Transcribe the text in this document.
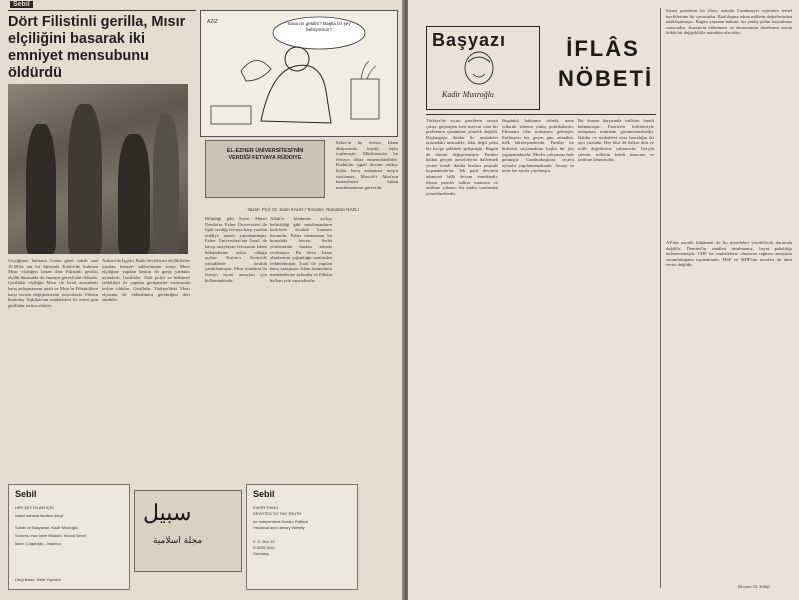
Sebil
Dört Filistinli gerilla, Mısır elçiliğini basarak iki emniyet mensubunu öldürdü
Sana mı geldim? Başka bir şey bekliyorsun?
AZIZ
EL-EZHER ÜNİVERSİTESİ'NİN VERDİĞİ FETVAYA RÜDDIYE
Yazan: Prof. Dr. Sabri SALİH / Tercüme: Ramazan NAZLI
Geçtiğimiz haftanın Cuma günü sabah saat 10.30'da ani bir hücumla Kahire'de bulunan Mısır elçiliğini basan dört Filistinli gerilla, elçilik binasında iki emniyet görevlisini öldürdü. Gerillalar elçiliğin Mısır ile İsrail arasındaki barış anlaşmasının iptali ve Mısır'ın Filistinlilere karşı tavrını değiştirmesini istiyorlardı. Filistin Kurtuluş Teşkilatı'nın müdahalesi ile ertesi gün gerillalar teslim oldular.
Ankara'da İşgalci Batılı devletlerin elçiliklerine yapılan benzeri saldırılardan sonra Mısır elçiliğine yapılan baskın da geniş yankılar uyandırdı. Gerillalar, Türk polisi ve hükümet yetkilileri ile yapılan görüşmeler sonucunda teslim oldular. Gerillalar Türkiye'deki Mısır elçisinin de öldürülmesi gerektiğini ileri sürdüler.
Bilindiği gibi Sayın Ahmet Deedat'ın Ezher Üniversitesi ile ilgili verdiği fetvaya karşı yazılan reddiye aynen yayınlanmıştır. Ezher Üniversitesi'nin İsrail ile barışı onaylayan fetvasının İslam hükümlerine aykırı olduğu açıktır. Kur'an-ı Kerim'de yahudilerle dostluk yasaklanmıştır. Mısır yönetimi bu fetvayı siyasi amaçları için kullanmaktadır.
Allah'ın kitabında açıkça belirtildiği gibi müslümanların kafirlerle dostluk kurması haramdır. Ezher ulemasının bu konudaki fetvası Sedat yönetiminin baskısı altında verilmiştir. Bu fetva İslam alimlerinin çoğunluğu tarafından reddedilmiştir. İsrail ile yapılan barış anlaşması İslam ümmetinin menfaatlerine aykırıdır ve Filistin halkını yok saymaktadır.
Ezher'in bu fetvası İslam dünyasında büyük tepki toplamıştır. Müslümanlar bu fetvaya itibar etmemektedirler. Kudüs'ün işgali devam ettikçe hiçbir barış anlaşması meşru sayılamaz. Mescid-i Aksa'nın kurtarılması bütün müslümanların görevidir.
Sebil
HER ŞEY İSLAM İÇİN
İslami sahada tarafsız dergi
Sahibi ve Başyazarı: Kadir Mısıroğlu
Sorumlu Yazı İşleri Müdürü: Hüsnü Şenel
İdare: Çağaloğlu - İstanbul
Dizgi Baskı: Sebil Yayınevi
سبيل
مجلة اسلامية
Sebil
EVERYTHING
DEVOTED TO THE TRUTH
An independent Muslim Political
Historical and Literary Weekly
P. O. Box 15
D-5000 Köln
Germany
Başyazı
Kadir Mısıroğlu
İFLÂS NÖBETİ
Türkiye'de siyasi partilerin ortaya çıkışı, geçmişten beri mevcut olan bir problemin çözümüne yönelik değildi. Başlangıçta iktidar ile muhalefet arasındaki mücadele, fikri değil şahsi bir kavga şeklinde gelişmiştir. Bugün de durum değişmemiştir. Partiler halkın gerçek meselelerini halletmek yerine kendi iktidar hırsları peşinde koşmaktadırlar. Tek parti devrinin zihniyeti hâlâ devam etmektedir. Siyasi partiler halkın inancına ve tarihine yabancı bir kadro tarafından yönetilmektedir.
Bugünkü buhranın sebebi, uzun yıllardır izlenen yanlış politikalardır. Ekonomi iflas noktasına gelmiştir. Enflasyon her geçen gün artmakta, halk fakirleşmektedir. Partiler ise birbirini suçlamaktan başka bir şey yapmamaktadır. Meclis çalışamaz hale gelmiştir. Cumhurbaşkanı seçimi aylardır yapılamamaktadır. Anarşi ve terör her tarafa yayılmıştır.
Bu durum karşısında milletin ümidi kalmamıştır. Partilerin birbirleriyle uzlaşması mümkün görünmemektedir. İktidar ve muhalefet aynı hastalığın iki ayrı yüzüdür. Her ikisi de halkın dini ve milli değerlerine yabancıdır. Gerçek çözüm, milletin kendi inancına ve tarihine dönmesidir.
Siyasi partilerin bu iflası, aslında Cumhuriyet rejiminin temel tercihlerinin bir sonucudur. Batılılaşma adına milletin değerlerinden uzaklaşılmıştır. Bugün yaşanan buhran, bu yanlış yolun kaçınılmaz sonucudur. Anarşinin önlenmesi ve ekonominin düzelmesi ancak köklü bir değişiklikle mümkün olacaktır.
AP'nin azınlık hükümeti de bu meseleleri çözebilecek durumda değildir. Demirel'in vaadleri tutulmamış, hayat pahalılığı önlenememiştir. CHP ise muhalefette olmasına rağmen anarşinin sorumluluğunu taşımaktadır. MSP ve MHP'nin tavırları da ümit verici değildir.
Devamı 15. Sahife
